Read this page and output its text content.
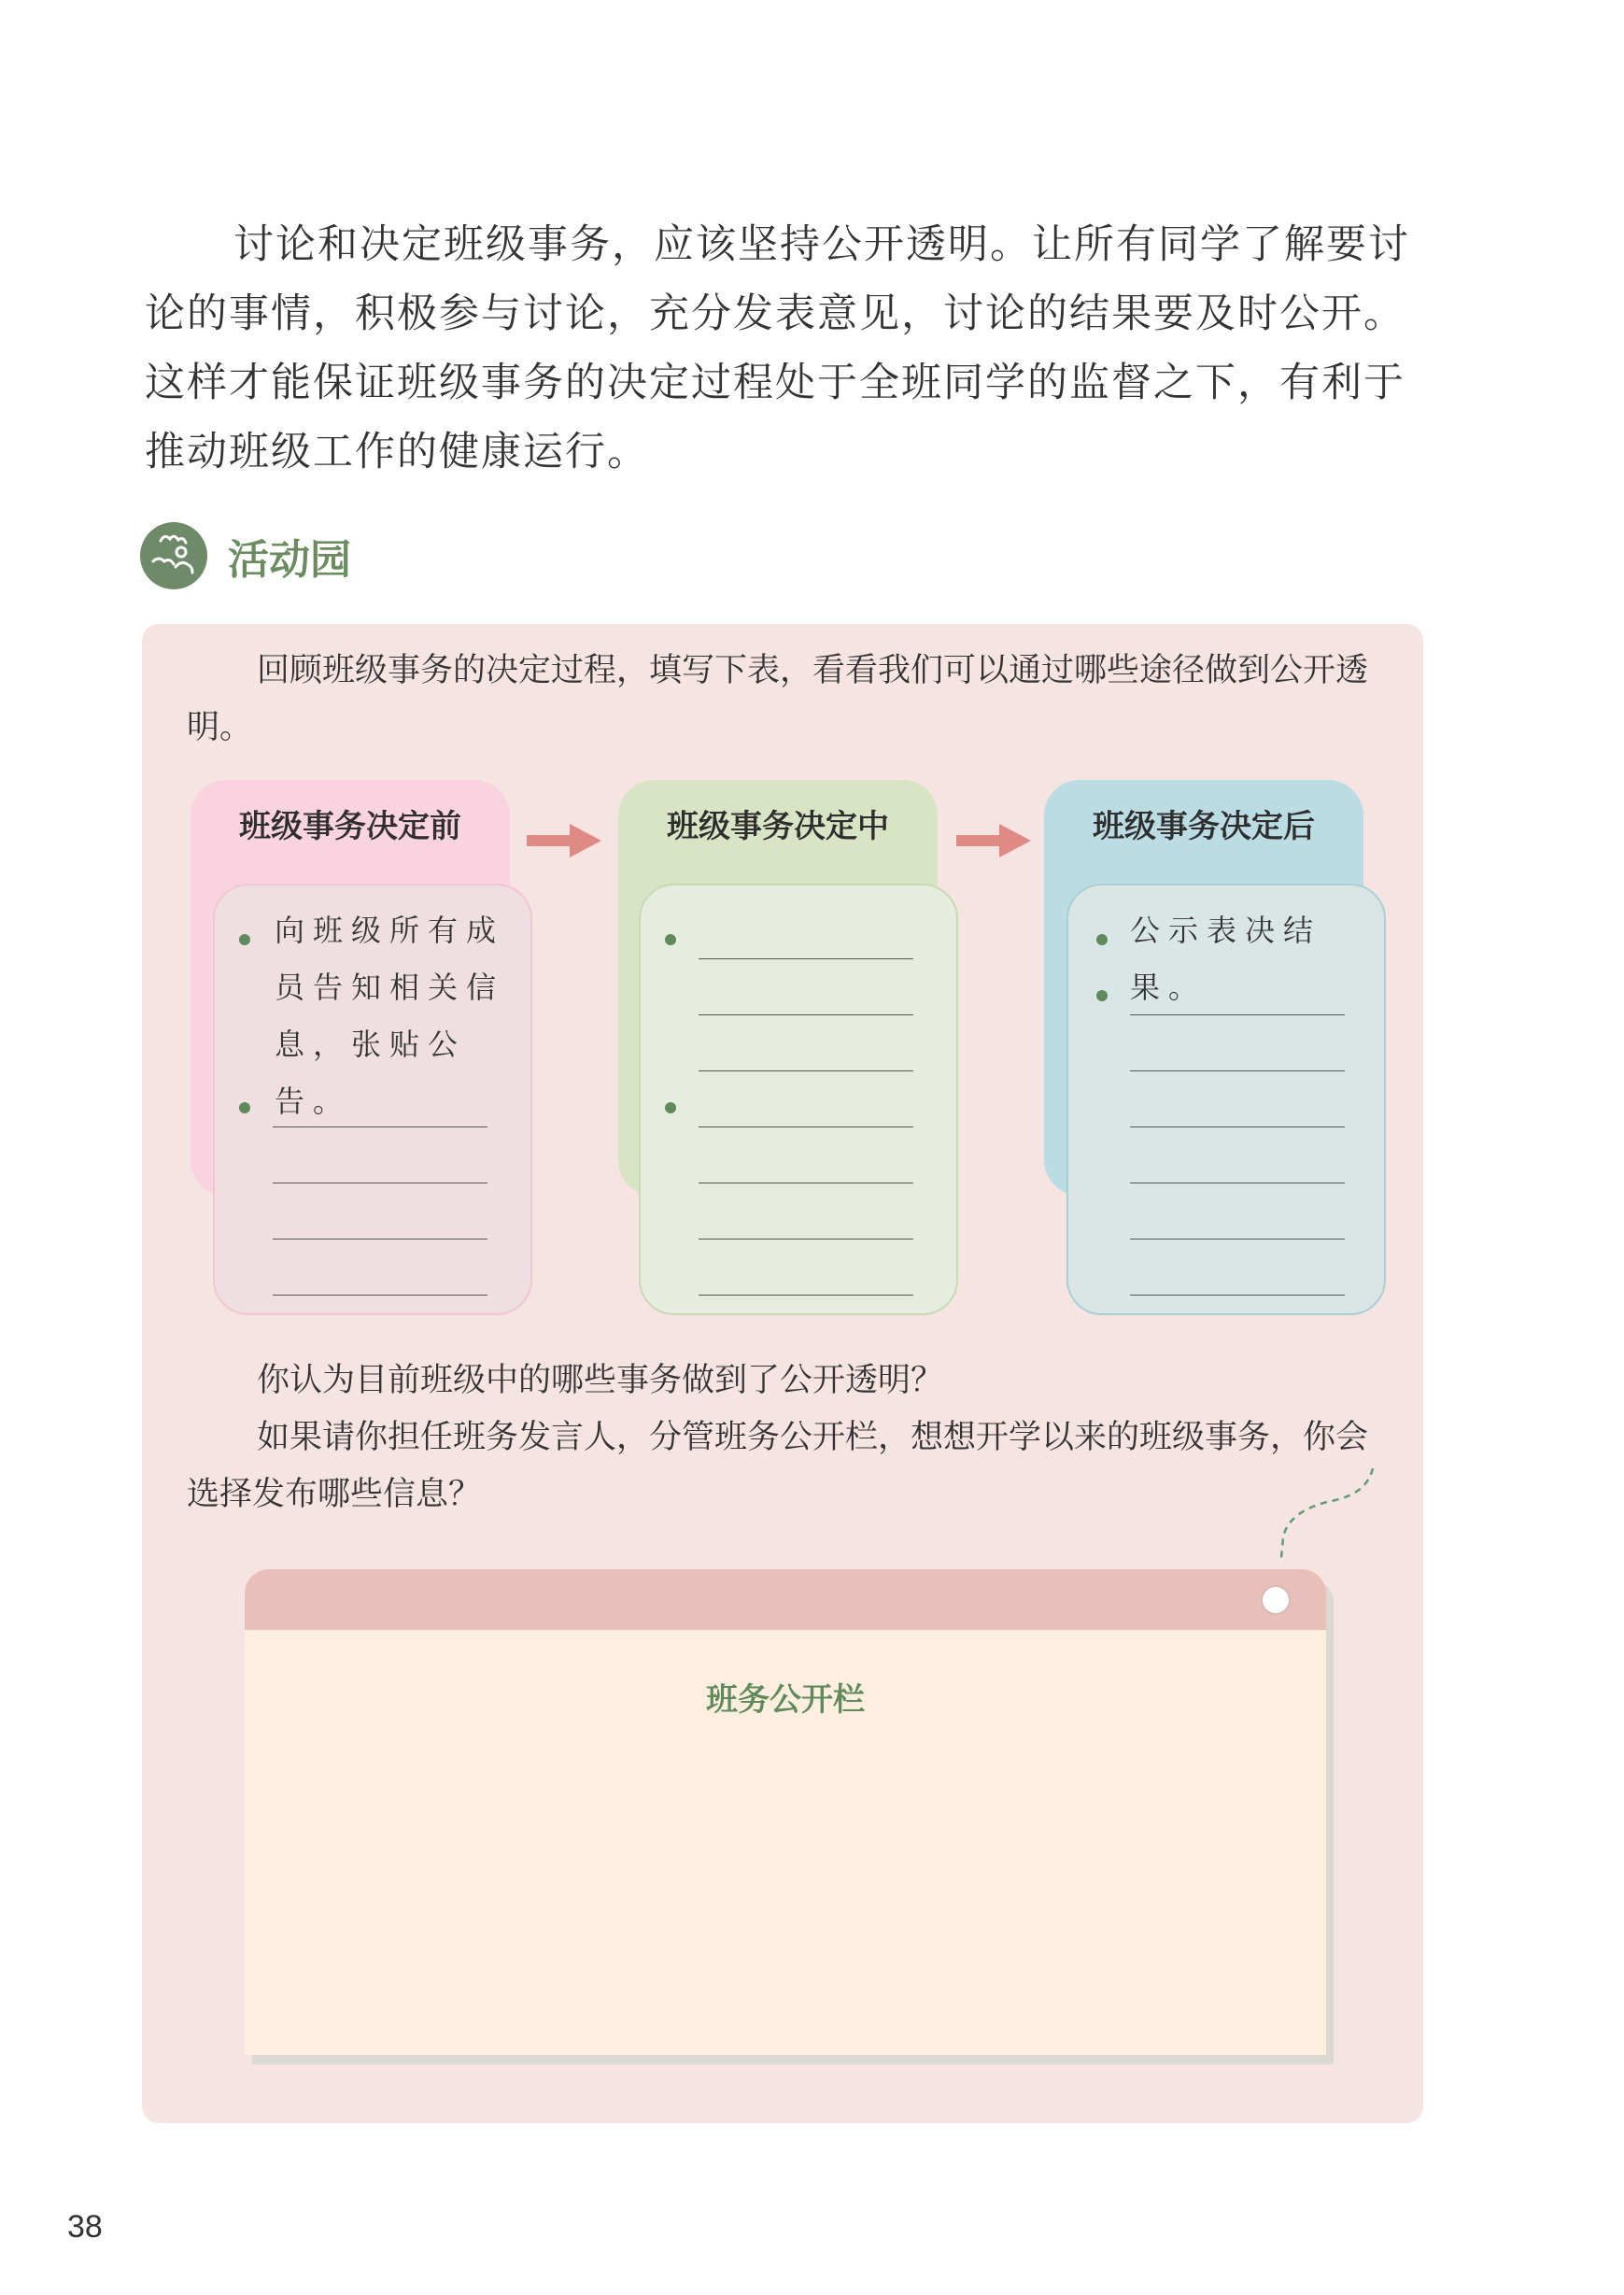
讨论和决定班级事务，应该坚持公开透明。让所有同学了解要讨论的事情，积极参与讨论，充分发表意见，讨论的结果要及时公开。这样才能保证班级事务的决定过程处于全班同学的监督之下，有利于推动班级工作的健康运行。

活动园

回顾班级事务的决定过程，填写下表，看看我们可以通过哪些途径做到公开透明。

班级事务决定前
向班级所有成员告知相关信息，张贴公告。
班级事务决定中	班级事务决定后
公示表决结果。

你认为目前班级中的哪些事务做到了公开透明？

如果请你担任班务发言人，分管班务公开栏，想想开学以来的班级事务，你会选择发布哪些信息？

班务公开栏
38
